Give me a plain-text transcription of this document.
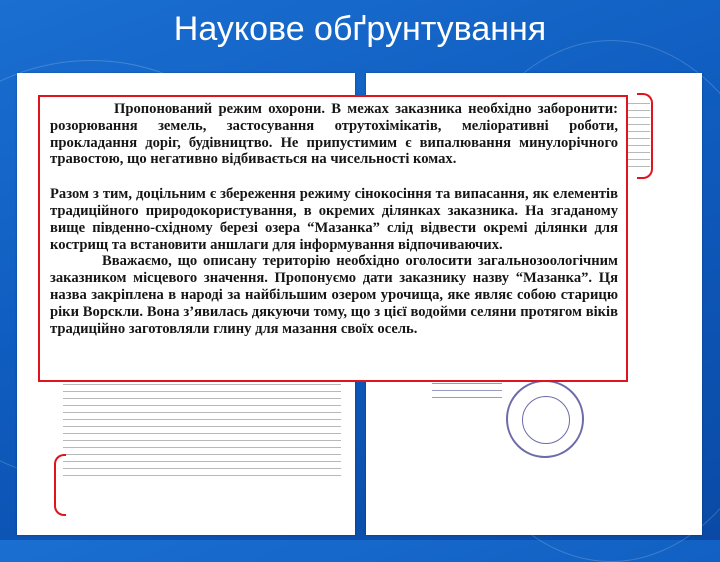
Наукове обґрунтування

Пропонований режим охорони. В межах заказника необхідно заборонити: розорювання земель, застосування отрутохімікатів, меліоративні роботи, прокладання доріг, будівництво. Не припустимим є випалювання минулорічного травостою, що негативно відбивається на чисельності комах.

Разом з тим, доцільним є збереження режиму сінокосіння та випасання, як елементів традиційного природокористування, в окремих ділянках заказника. На згаданому вище південно-східному березі озера “Мазанка” слід відвести окремі ділянки для кострищ та встановити аншлаги для інформування відпочиваючих.

Вважаємо, що описану територію необхідно оголосити загальнозоологічним заказником місцевого значення. Пропонуємо дати заказнику назву “Мазанка”. Ця назва закріплена в народі за найбільшим озером урочища, яке являє собою старицю ріки Ворскли. Вона з’явилась дякуючи тому, що з цієї водойми селяни протягом віків традиційно заготовляли глину для мазання своїх осель.
